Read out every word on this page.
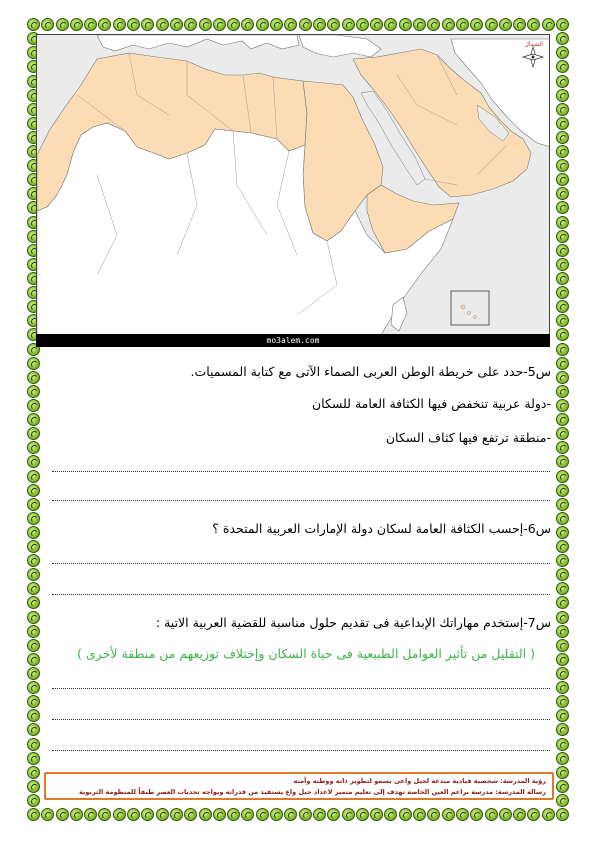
الشمال
mo3alem.com
س5-حدد على خريطة الوطن العربى الصماء الآتى مع كتابة المسميات.
-دولة عربية تنخفض فيها الكثافة العامة للسكان
-منطقة ترتفع فيها كثاف السكان
س6-إحسب الكثافة العامة لسكان دولة الإمارات العربية المتحدة ؟
س7-إستخدم مهاراتك الإبداعية فى تقديم حلول مناسبة للقضية العربية الاتية :
( التقليل من تأثير العوامل الطبيعية فى حياة السكان وإختلاف توزيعهم من منطقة لأخرى )
رؤية المدرسة: شخصية قيادية مبدعة لجيل واعى يسمو لتطوير ذاته ووطنه وأمته
رسالة المدرسة: مدرسة براعم العين الخاصة تهدف إلى تعليم متميز لاعداد جيل واع يستفيد من قدراته ويواجه تحديات العصر طبقاً للمنظومة التربوية
